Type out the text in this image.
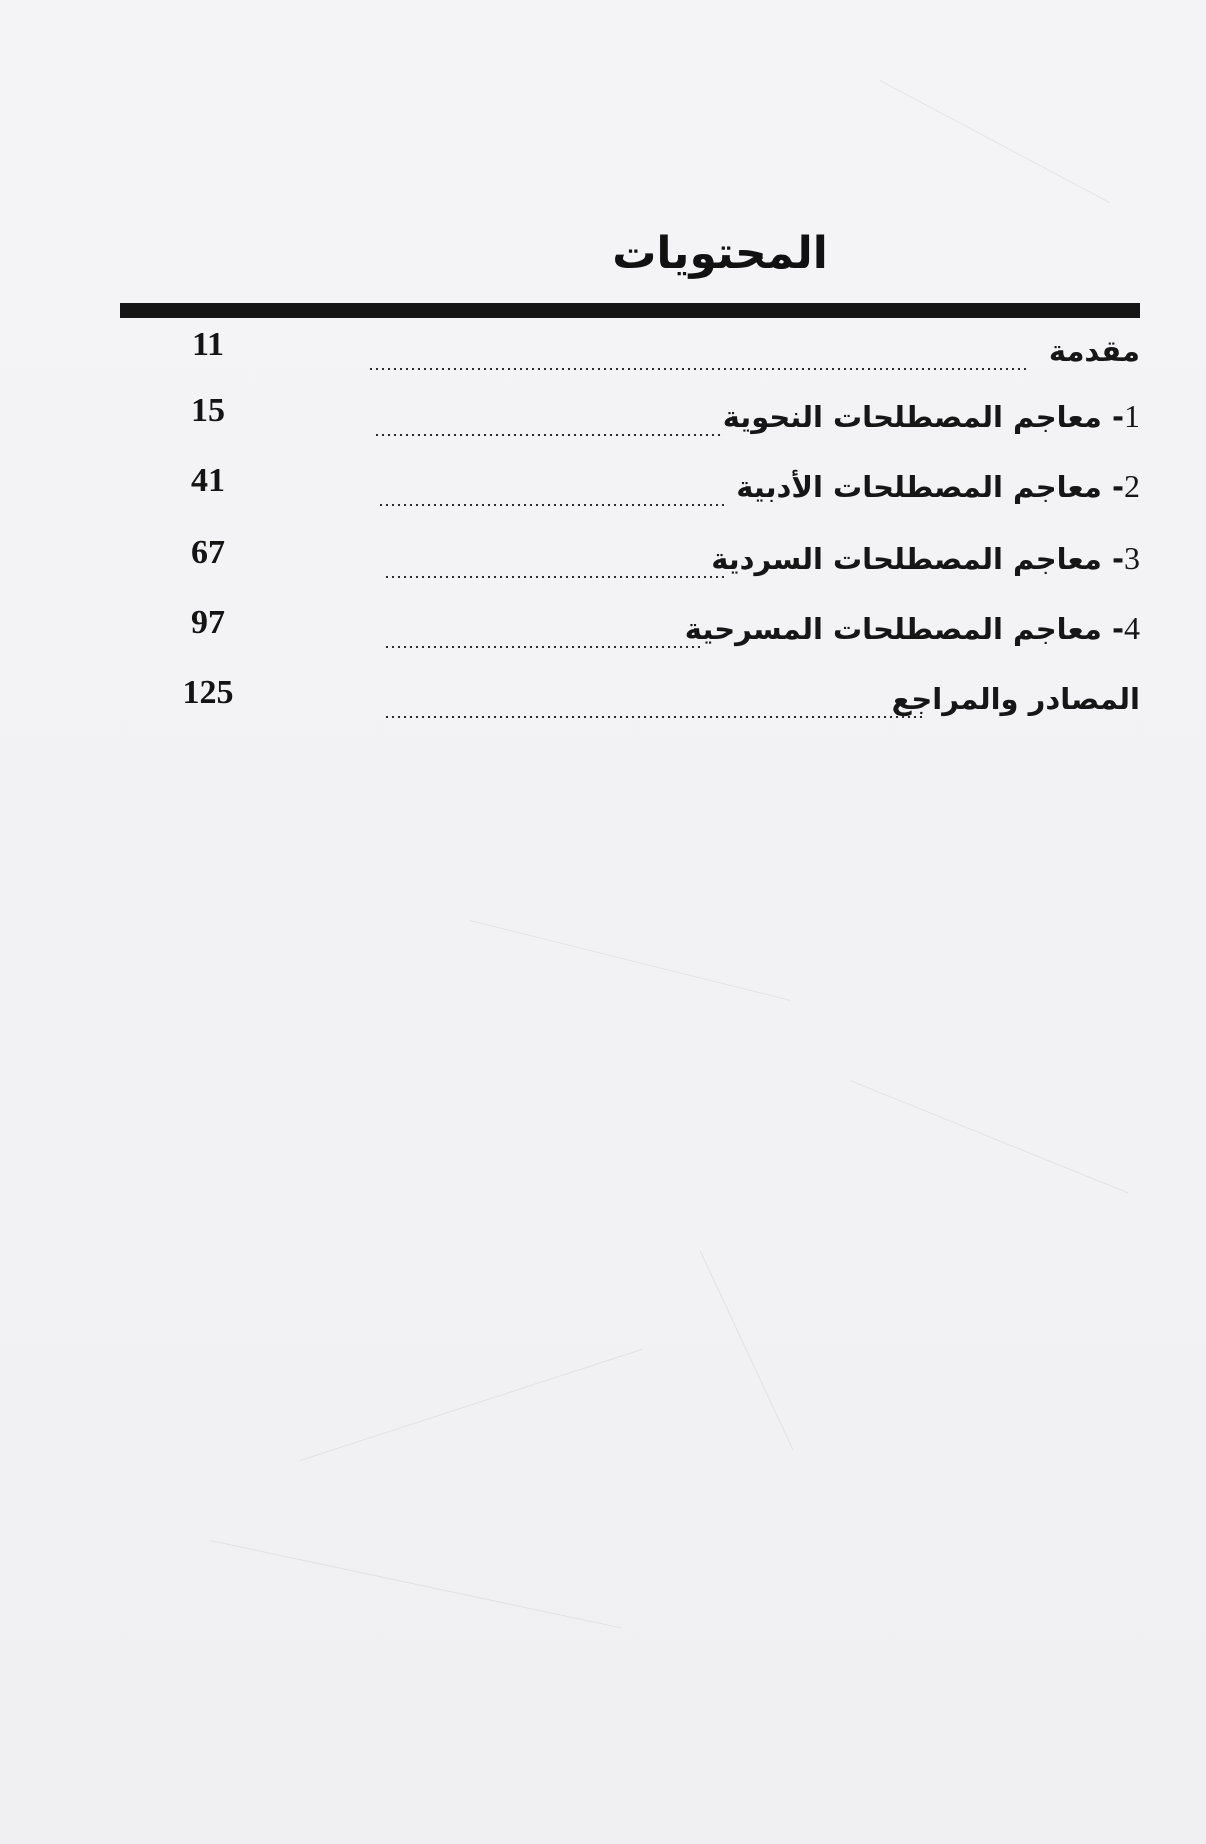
المحتويات
مقدمة
11
1- معاجم المصطلحات النحوية
15
2- معاجم المصطلحات الأدبية
41
3- معاجم المصطلحات السردية
67
4- معاجم المصطلحات المسرحية
97
المصادر والمراجع
125
